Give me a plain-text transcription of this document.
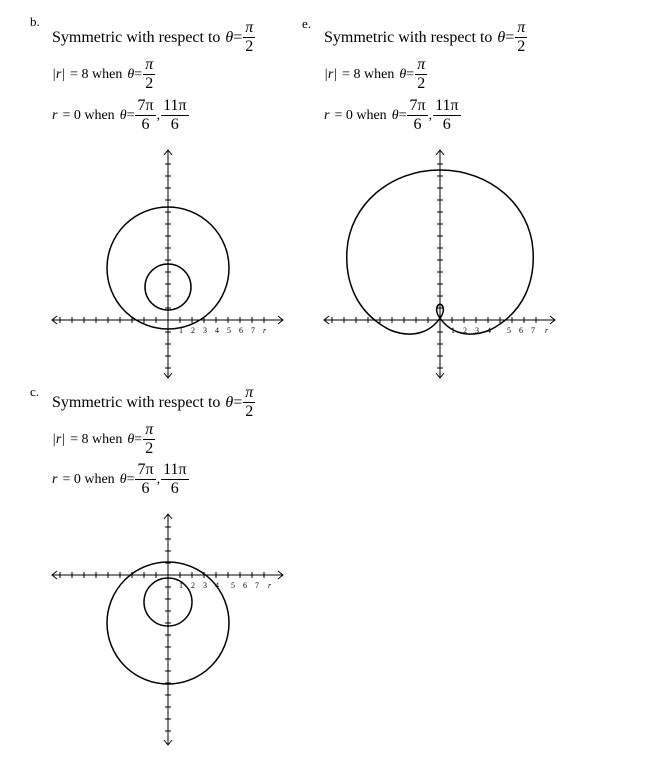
b.
Symmetric with respect to $\theta = \frac{\pi}{2}$
|r| = 8 when $\theta = \frac{\pi}{2}$
r = 0 when $\theta = \frac{7\pi}{6}$ , $\frac{11\pi}{6}$
1 2 3 4 5 6 7 r
e.
Symmetric with respect to $\theta = \frac{\pi}{2}$
|r| = 8 when $\theta = \frac{\pi}{2}$
r = 0 when $\theta = \frac{7\pi}{6}$ , $\frac{11\pi}{6}$
1 2 3 4 5 6 7 r
c.
Symmetric with respect to $\theta = \frac{\pi}{2}$
|r| = 8 when $\theta = \frac{\pi}{2}$
r = 0 when $\theta = \frac{7\pi}{6}$ , $\frac{11\pi}{6}$
1 2 3 4 5 6 7 r
